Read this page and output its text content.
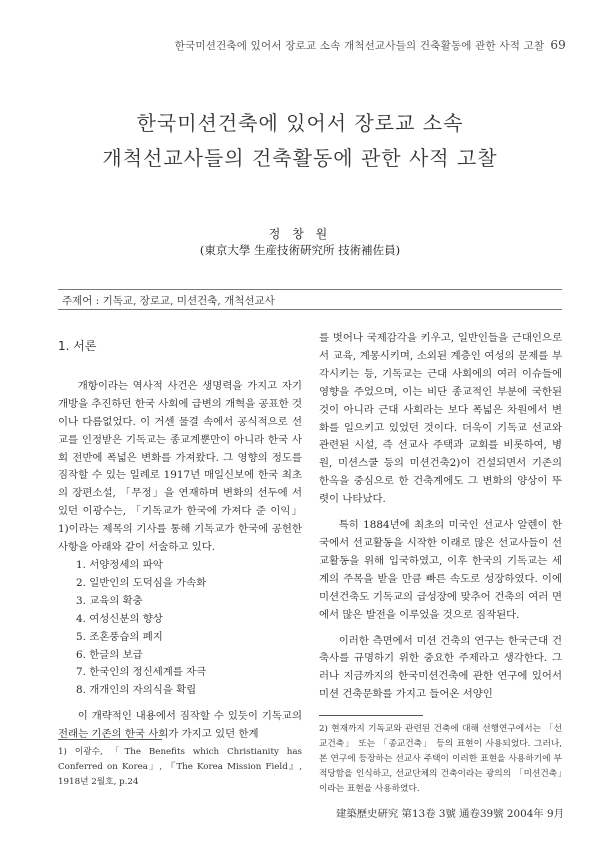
한국미션건축에 있어서 장로교 소속 개척선교사들의 건축활동에 관한 사적 고찰 69
한국미션건축에 있어서 장로교 소속
개척선교사들의 건축활동에 관한 사적 고찰
정 창 원
(東京大學 生産技術硏究所 技術補佐員)
주제어 : 기독교, 장로교, 미션건축, 개척선교사
1. 서론

개항이라는 역사적 사건은 생명력을 가지고 자기 개방을 추진하던 한국 사회에 급변의 개혁을 공표한 것이나 다름없었다. 이 거센 물결 속에서 공식적으로 선교를 인정받은 기독교는 종교계뿐만이 아니라 한국 사회 전반에 폭넓은 변화를 가져왔다. 그 영향의 정도를 짐작할 수 있는 일례로 1917년 매일신보에 한국 최초의 장편소설, 「무정」을 연재하며 변화의 선두에 서 있던 이광수는, 「기독교가 한국에 가져다 준 이익」1)이라는 제목의 기사를 통해 기독교가 한국에 공헌한 사항을 아래와 같이 서술하고 있다.

1. 서양정세의 파악
2. 일반인의 도덕심을 가속화
3. 교육의 확충
4. 여성신분의 향상
5. 조혼풍습의 폐지
6. 한글의 보급
7. 한국인의 정신세계를 자극
8. 개개인의 자의식을 확립

이 개략적인 내용에서 짐작할 수 있듯이 기독교의 전래는 기존의 한국 사회가 가지고 있던 한계

를 벗어나 국제감각을 키우고, 일반인들을 근대인으로서 교육, 계몽시키며, 소외된 계층인 여성의 문제를 부각시키는 등, 기독교는 근대 사회에의 여러 이슈들에 영향을 주었으며, 이는 비단 종교적인 부분에 국한된 것이 아니라 근대 사회라는 보다 폭넓은 차원에서 변화를 일으키고 있었던 것이다. 더욱이 기독교 선교와 관련된 시설, 즉 선교사 주택과 교회를 비롯하여, 병원, 미션스쿨 등의 미션건축2)이 건설되면서 기존의 한옥을 중심으로 한 건축계에도 그 변화의 양상이 뚜렷이 나타났다.

특히 1884년에 최초의 미국인 선교사 알렌이 한국에서 선교활동을 시작한 이래로 많은 선교사들이 선교활동을 위해 입국하였고, 이후 한국의 기독교는 세계의 주목을 받을 만큼 빠른 속도로 성장하였다. 이에 미션건축도 기독교의 급성장에 맞추어 건축의 여러 면에서 많은 발전을 이루었을 것으로 짐작된다.

이러한 측면에서 미션 건축의 연구는 한국근대 건축사를 규명하기 위한 중요한 주제라고 생각한다. 그러나 지금까지의 한국미션건축에 관한 연구에 있어서 미션 건축문화를 가지고 들어온 서양인

1) 이광수, 「The Benefits which Christianity has Conferred on Korea」, 『The Korea Mission Field』, 1918년 2월호, p.24
2) 현재까지 기독교와 관련된 건축에 대해 선행연구에서는 「선교건축」 또는 「종교건축」 등의 표현이 사용되었다. 그러나, 본 연구에 등장하는 선교사 주택이 이러한 표현을 사용하기에 부적당함을 인식하고, 선교단체의 건축이라는 광의의 「미션건축」이라는 표현을 사용하였다.
建築歷史硏究 第13卷 3號 通卷39號 2004年 9月
